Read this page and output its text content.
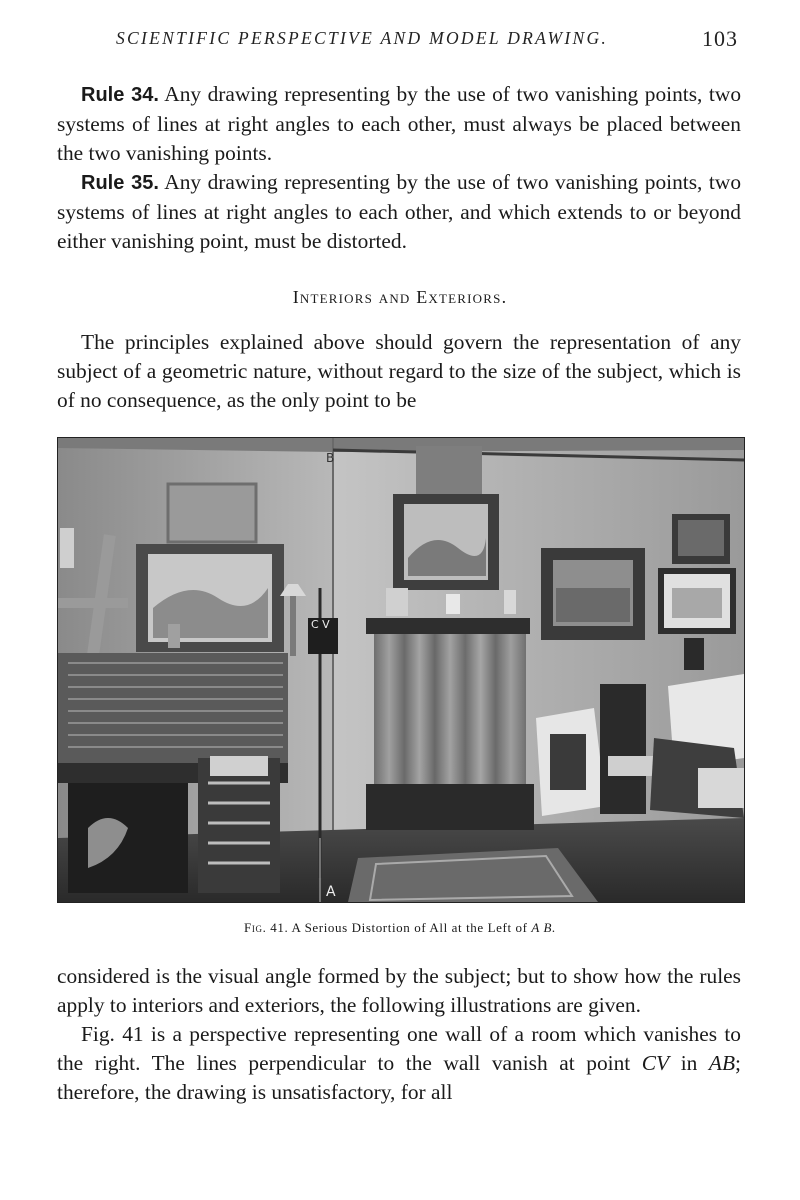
SCIENTIFIC PERSPECTIVE AND MODEL DRAWING.	103

Rule 34. Any drawing representing by the use of two vanishing points, two systems of lines at right angles to each other, must always be placed between the two vanishing points.

Rule 35. Any drawing representing by the use of two vanishing points, two systems of lines at right angles to each other, and which extends to or beyond either vanishing point, must be distorted.

Interiors and Exteriors.

The principles explained above should govern the representation of any subject of a geometric nature, without regard to the size of the subject, which is of no consequence, as the only point to be

B
C V
A
Fig. 41. A Serious Distortion of All at the Left of A B.

considered is the visual angle formed by the subject; but to show how the rules apply to interiors and exteriors, the following illustrations are given.

Fig. 41 is a perspective representing one wall of a room which vanishes to the right. The lines perpendicular to the wall vanish at point CV in AB; therefore, the drawing is unsatisfactory, for all
